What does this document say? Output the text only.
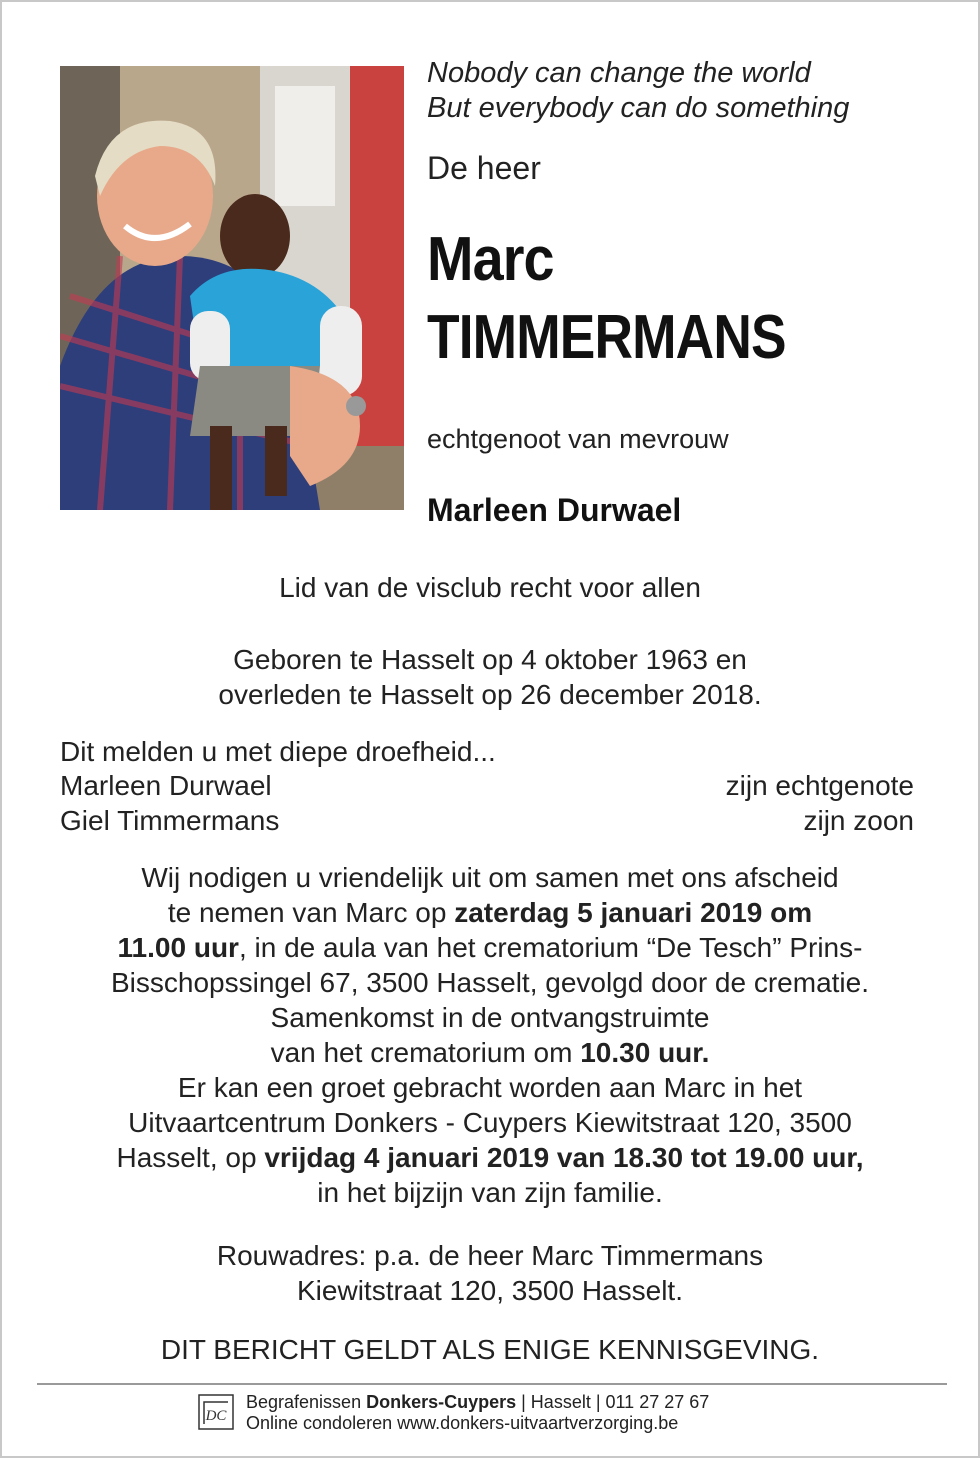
Nobody can change the world
But everybody can do something
De heer
Marc
TIMMERMANS
echtgenoot van mevrouw
Marleen Durwael
Lid van de visclub recht voor allen
Geboren te Hasselt op 4 oktober 1963 en
overleden te Hasselt op 26 december 2018.
Dit melden u met diepe droefheid...
Marleen Durwael	zijn echtgenote
Giel Timmermans	zijn zoon
Wij nodigen u vriendelijk uit om samen met ons afscheid
te nemen van Marc op zaterdag 5 januari 2019 om
11.00 uur, in de aula van het crematorium “De Tesch” Prins-
Bisschopssingel 67, 3500 Hasselt, gevolgd door de crematie.
Samenkomst in de ontvangstruimte
van het crematorium om 10.30 uur.
Er kan een groet gebracht worden aan Marc in het
Uitvaartcentrum Donkers - Cuypers Kiewitstraat 120, 3500
Hasselt, op vrijdag 4 januari 2019 van 18.30 tot 19.00 uur,
in het bijzijn van zijn familie.
Rouwadres: p.a. de heer Marc Timmermans
Kiewitstraat 120, 3500 Hasselt.
DIT BERICHT GELDT ALS ENIGE KENNISGEVING.
DC
Begrafenissen Donkers-Cuypers | Hasselt | 011 27 27 67
Online condoleren www.donkers-uitvaartverzorging.be
